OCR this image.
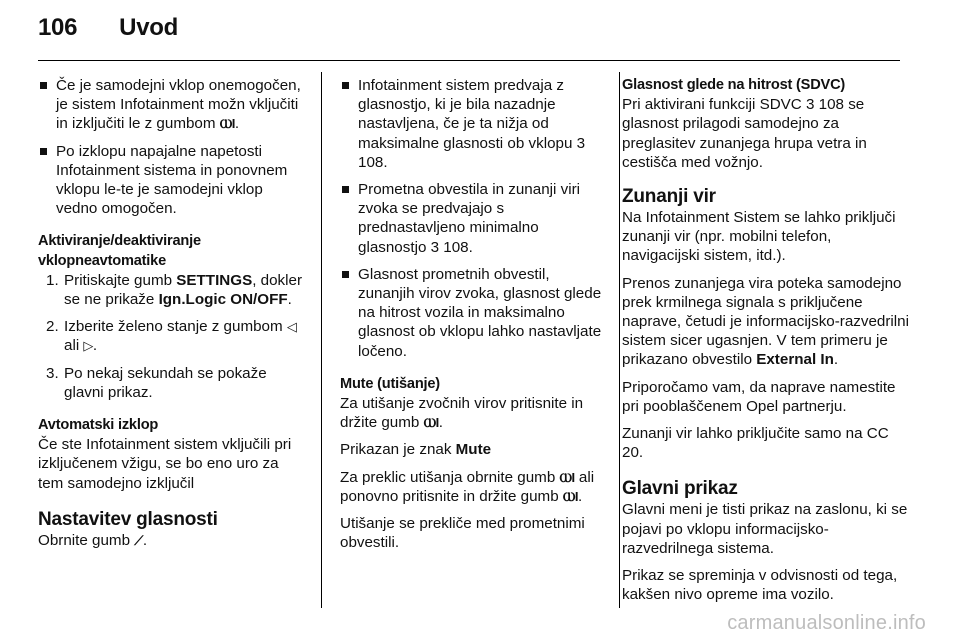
106 Uvod
Če je samodejni vklop onemogočen, je sistem Infotainment možn vključiti in izključiti le z gumbom ⲰI.
Po izklopu napajalne napetosti Infotainment sistema in ponovnem vklopu le-te je samodejni vklop vedno omogočen.

Aktiviranje/deaktiviranje vklopneavtomatike

1. Pritiskajte gumb SETTINGS, dokler se ne prikaže Ign.Logic ON/OFF.
2. Izberite želeno stanje z gumbom ◁ ali ▷.
3. Po nekaj sekundah se pokaže glavni prikaz.

Avtomatski izklop

Če ste Infotainment sistem vključili pri izključenem vžigu, se bo eno uro za tem samodejno izključil

Nastavitev glasnosti

Obrnite gumb ⟋.

Infotainment sistem predvaja z glasnostjo, ki je bila nazadnje nastavljena, če je ta nižja od maksimalne glasnosti ob vklopu 3 108.
Prometna obvestila in zunanji viri zvoka se predvajajo s prednastavljeno minimalno glasnostjo 3 108.
Glasnost prometnih obvestil, zunanjih virov zvoka, glasnost glede na hitrost vozila in maksimalno glasnost ob vklopu lahko nastavljate ločeno.

Mute (utišanje)

Za utišanje zvočnih virov pritisnite in držite gumb ⲰI.

Prikazan je znak Mute

Za preklic utišanja obrnite gumb ⲰI ali ponovno pritisnite in držite gumb ⲰI.

Utišanje se prekliče med prometnimi obvestili.

Glasnost glede na hitrost (SDVC)

Pri aktivirani funkciji SDVC 3 108 se glasnost prilagodi samodejno za preglasitev zunanjega hrupa vetra in cestišča med vožnjo.

Zunanji vir

Na Infotainment Sistem se lahko priključi zunanji vir (npr. mobilni telefon, navigacijski sistem, itd.).

Prenos zunanjega vira poteka samodejno prek krmilnega signala s priključene naprave, četudi je informacijsko-razvedrilni sistem sicer ugasnjen. V tem primeru je prikazano obvestilo External In.

Priporočamo vam, da naprave namestite pri pooblaščenem Opel partnerju.

Zunanji vir lahko priključite samo na CC 20.

Glavni prikaz

Glavni meni je tisti prikaz na zaslonu, ki se pojavi po vklopu informacijsko-razvedrilnega sistema.

Prikaz se spreminja v odvisnosti od tega, kakšen nivo opreme ima vozilo.

carmanualsonline.info
